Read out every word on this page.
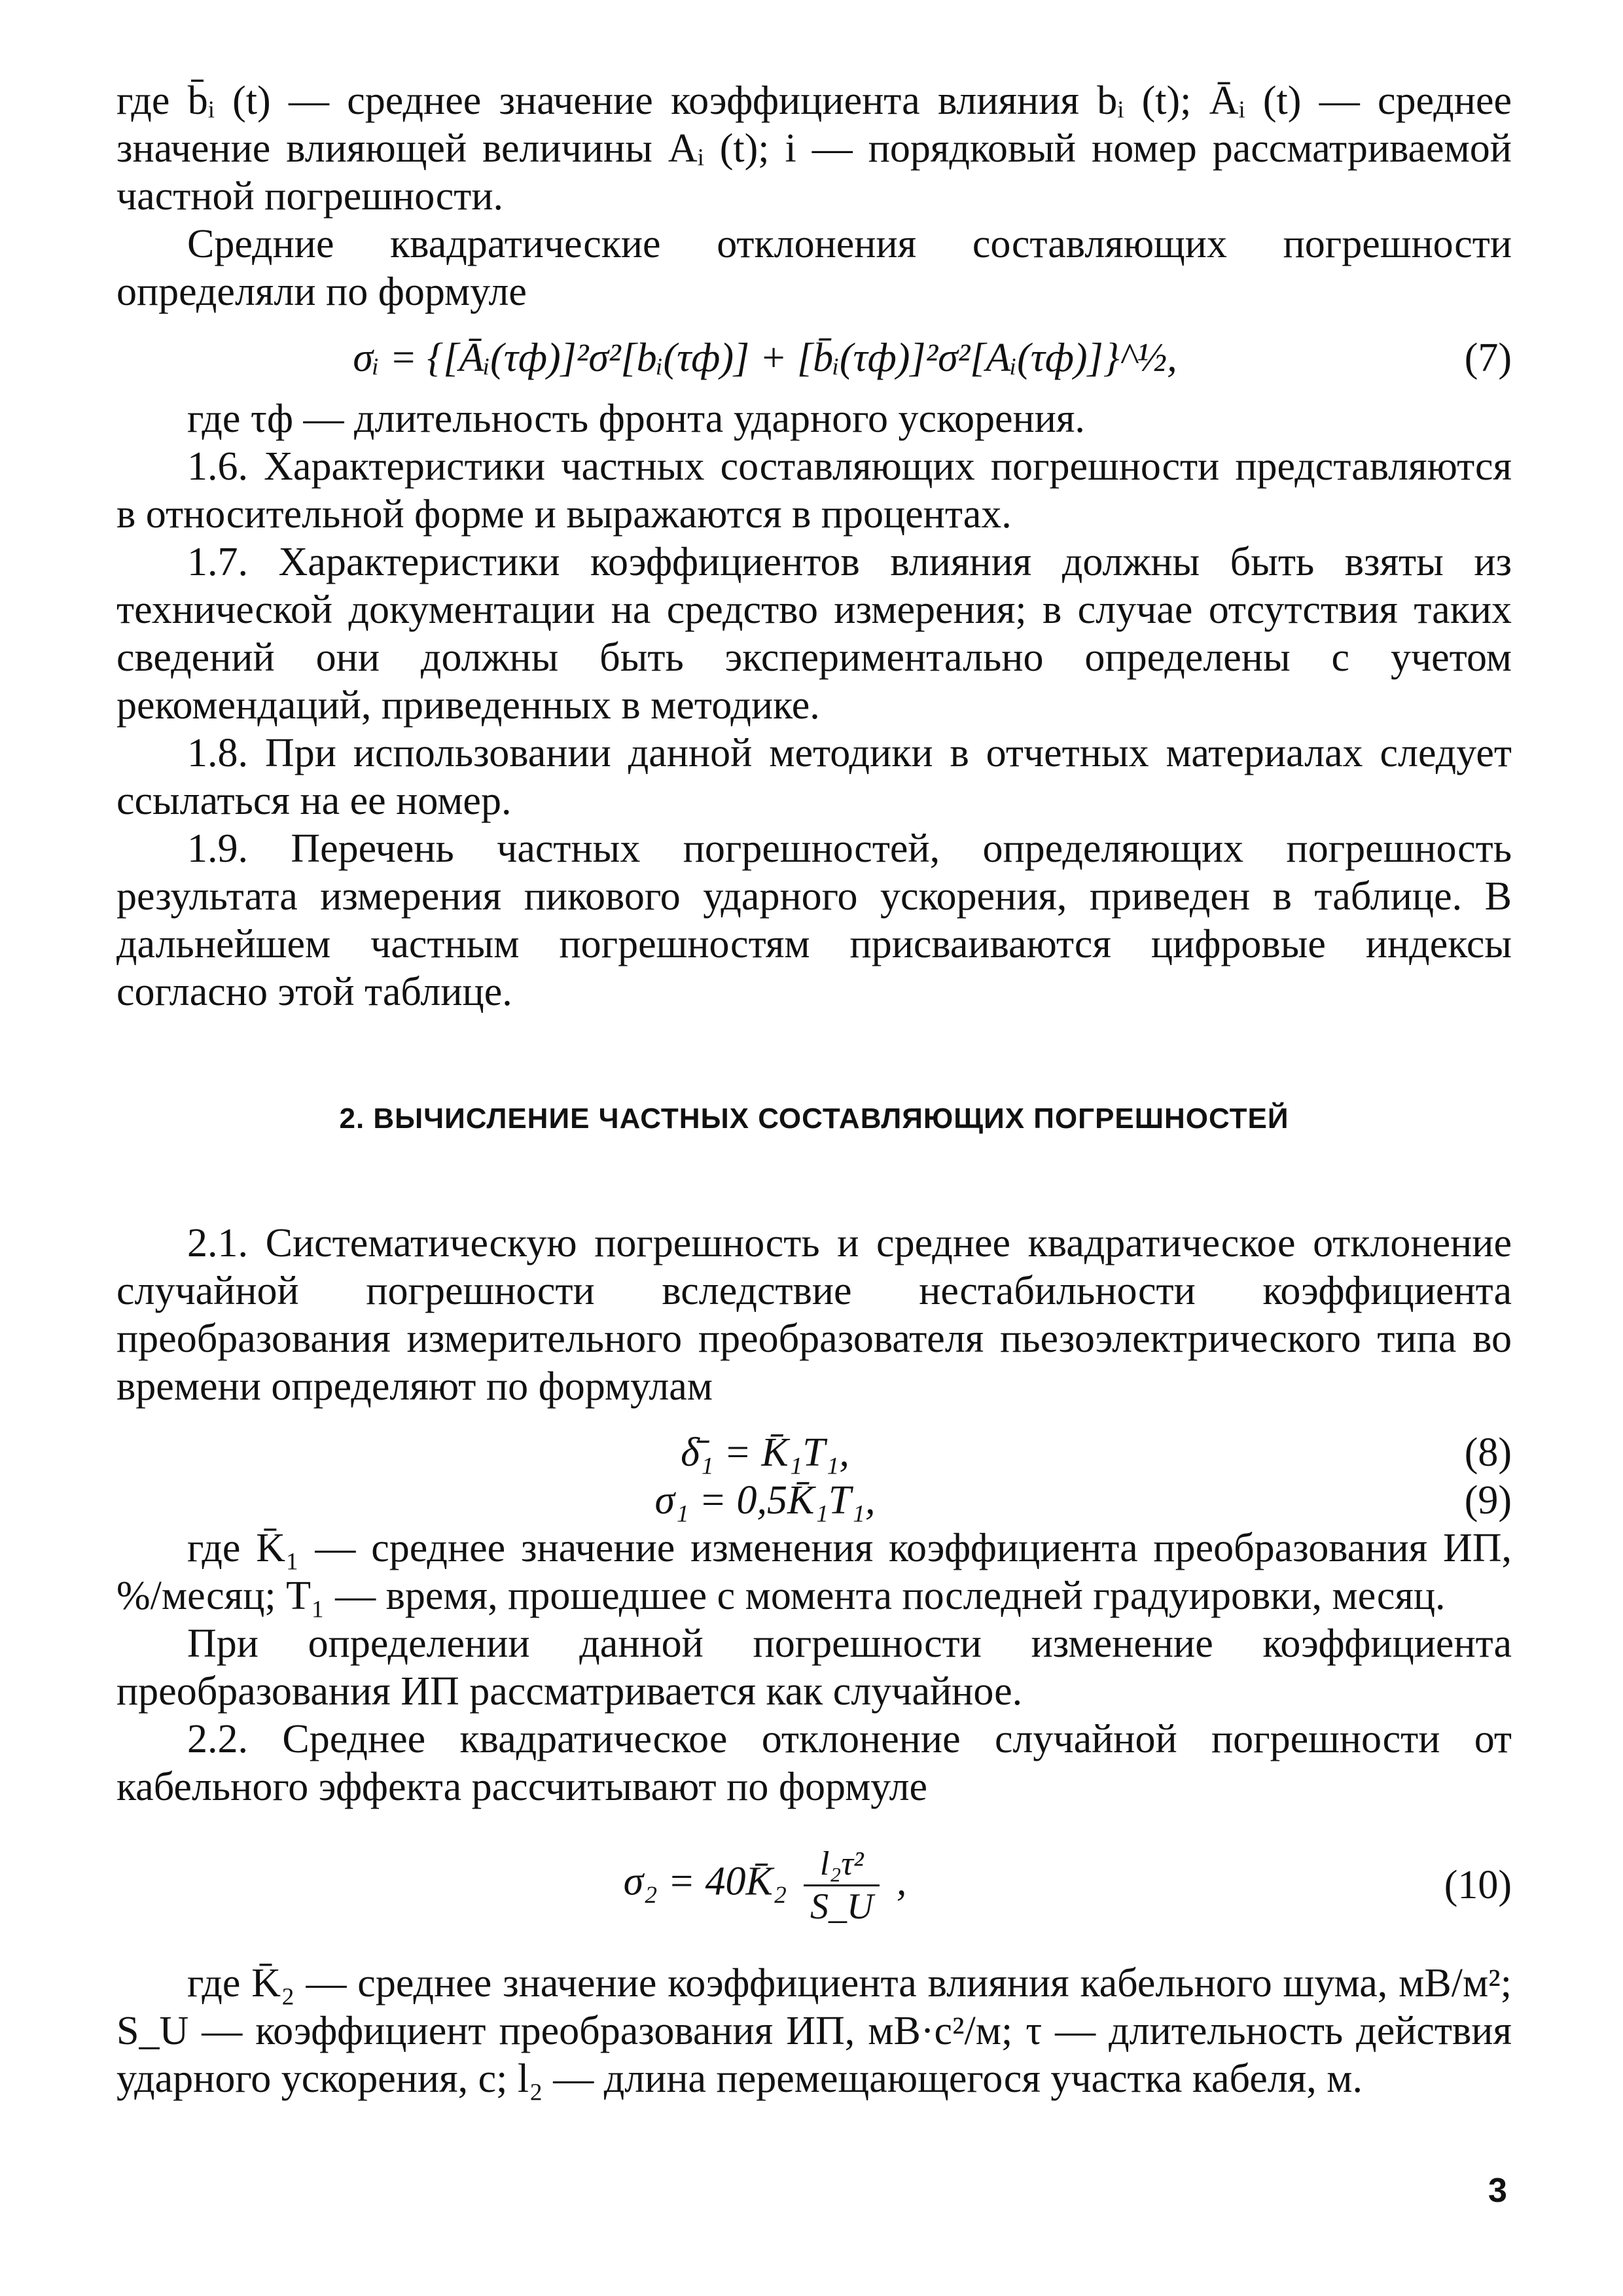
где b̄ᵢ (t) — среднее значение коэффициента влияния bᵢ (t); Āᵢ (t) — среднее значение влияющей величины Aᵢ (t); i — порядковый номер рассматриваемой частной погрешности.

Средние квадратические отклонения составляющих погрешности определяли по формуле

σᵢ = {[Āᵢ(τф)]²σ²[bᵢ(τф)] + [b̄ᵢ(τф)]²σ²[Aᵢ(τф)]}^½,	(7)

где τф — длительность фронта ударного ускорения.

1.6. Характеристики частных составляющих погрешности представляются в относительной форме и выражаются в процентах.

1.7. Характеристики коэффициентов влияния должны быть взяты из технической документации на средство измерения; в случае отсутствия таких сведений они должны быть экспериментально определены с учетом рекомендаций, приведенных в методике.

1.8. При использовании данной методики в отчетных материалах следует ссылаться на ее номер.

1.9. Перечень частных погрешностей, определяющих погрешность результата измерения пикового ударного ускорения, приведен в таблице. В дальнейшем частным погрешностям присваиваются цифровые индексы согласно этой таблице.

2. ВЫЧИСЛЕНИЕ ЧАСТНЫХ СОСТАВЛЯЮЩИХ ПОГРЕШНОСТЕЙ

2.1. Систематическую погрешность и среднее квадратическое отклонение случайной погрешности вследствие нестабильности коэффициента преобразования измерительного преобразователя пьезоэлектрического типа во времени определяют по формулам

δ̄₁ = K̄₁T₁,	(8)
σ₁ = 0,5K̄₁T₁,	(9)

где K̄₁ — среднее значение изменения коэффициента преобразования ИП, %/месяц; T₁ — время, прошедшее с момента последней градуировки, месяц.

При определении данной погрешности изменение коэффициента преобразования ИП рассматривается как случайное.

2.2. Среднее квадратическое отклонение случайной погрешности от кабельного эффекта рассчитывают по формуле

σ₂ = 40K̄₂ $\frac{\text{l₂τ²}}{S\_U}$ ,	(10)

где K̄₂ — среднее значение коэффициента влияния кабельного шума, мВ/м²; S_U — коэффициент преобразования ИП, мВ·с²/м; τ — длительность действия ударного ускорения, с; l₂ — длина перемещающегося участка кабеля, м.

3
